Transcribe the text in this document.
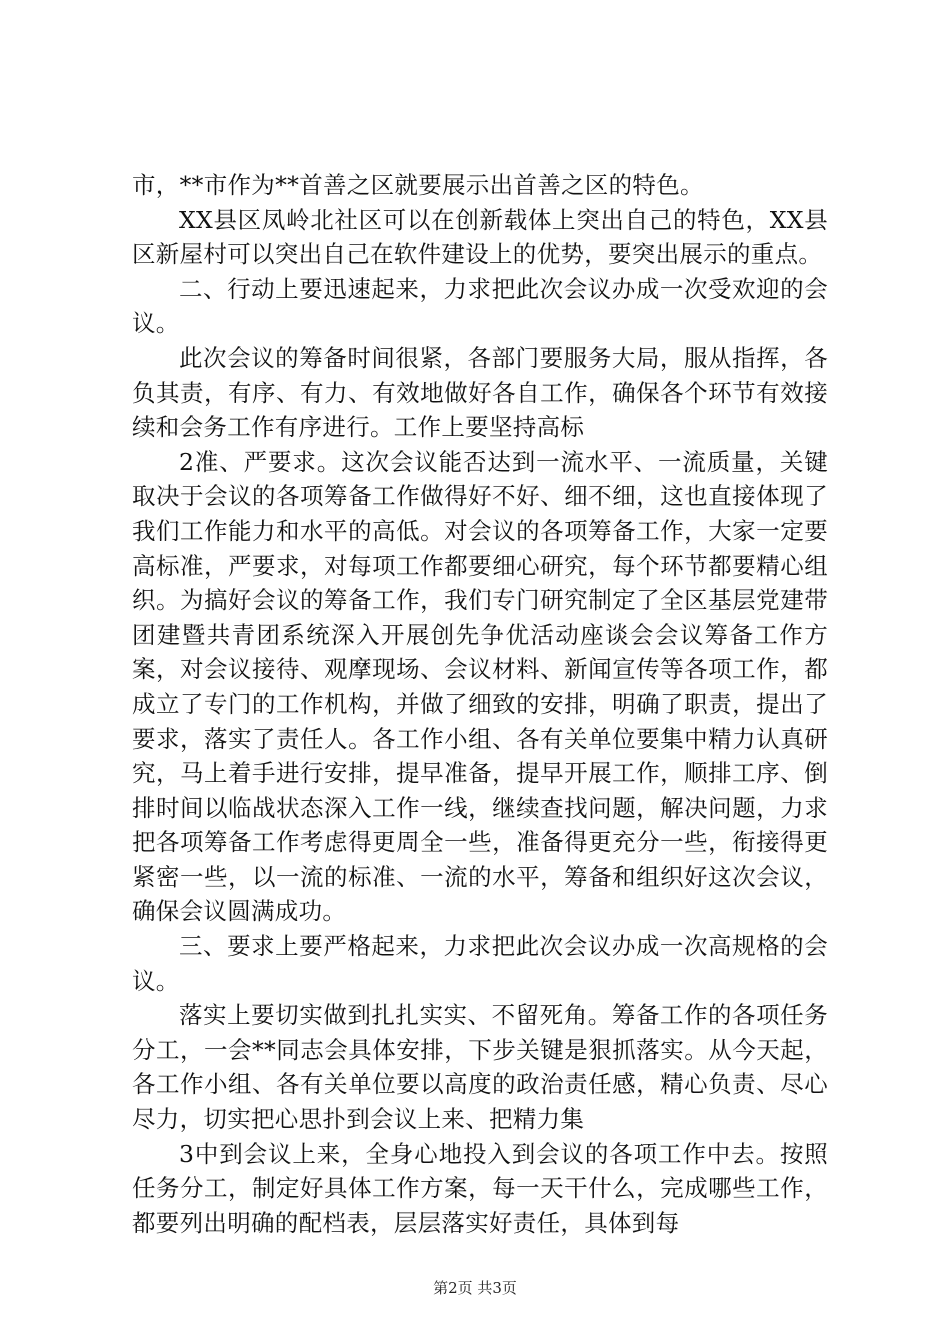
市，**市作为**首善之区就要展示出首善之区的特色。

XX县区凤岭北社区可以在创新载体上突出自己的特色，XX县区新屋村可以突出自己在软件建设上的优势，要突出展示的重点。

二、行动上要迅速起来，力求把此次会议办成一次受欢迎的会议。

此次会议的筹备时间很紧，各部门要服务大局，服从指挥，各负其责，有序、有力、有效地做好各自工作，确保各个环节有效接续和会务工作有序进行。工作上要坚持高标

2准、严要求。这次会议能否达到一流水平、一流质量，关键取决于会议的各项筹备工作做得好不好、细不细，这也直接体现了我们工作能力和水平的高低。对会议的各项筹备工作，大家一定要高标准，严要求，对每项工作都要细心研究，每个环节都要精心组织。为搞好会议的筹备工作，我们专门研究制定了全区基层党建带团建暨共青团系统深入开展创先争优活动座谈会会议筹备工作方案，对会议接待、观摩现场、会议材料、新闻宣传等各项工作，都成立了专门的工作机构，并做了细致的安排，明确了职责，提出了要求，落实了责任人。各工作小组、各有关单位要集中精力认真研究，马上着手进行安排，提早准备，提早开展工作，顺排工序、倒排时间以临战状态深入工作一线，继续查找问题，解决问题，力求把各项筹备工作考虑得更周全一些，准备得更充分一些，衔接得更紧密一些，以一流的标准、一流的水平，筹备和组织好这次会议，确保会议圆满成功。

三、要求上要严格起来，力求把此次会议办成一次高规格的会议。

落实上要切实做到扎扎实实、不留死角。筹备工作的各项任务分工，一会**同志会具体安排，下步关键是狠抓落实。从今天起，各工作小组、各有关单位要以高度的政治责任感，精心负责、尽心尽力，切实把心思扑到会议上来、把精力集

3中到会议上来，全身心地投入到会议的各项工作中去。按照任务分工，制定好具体工作方案，每一天干什么，完成哪些工作，都要列出明确的配档表，层层落实好责任，具体到每

第2页 共3页
